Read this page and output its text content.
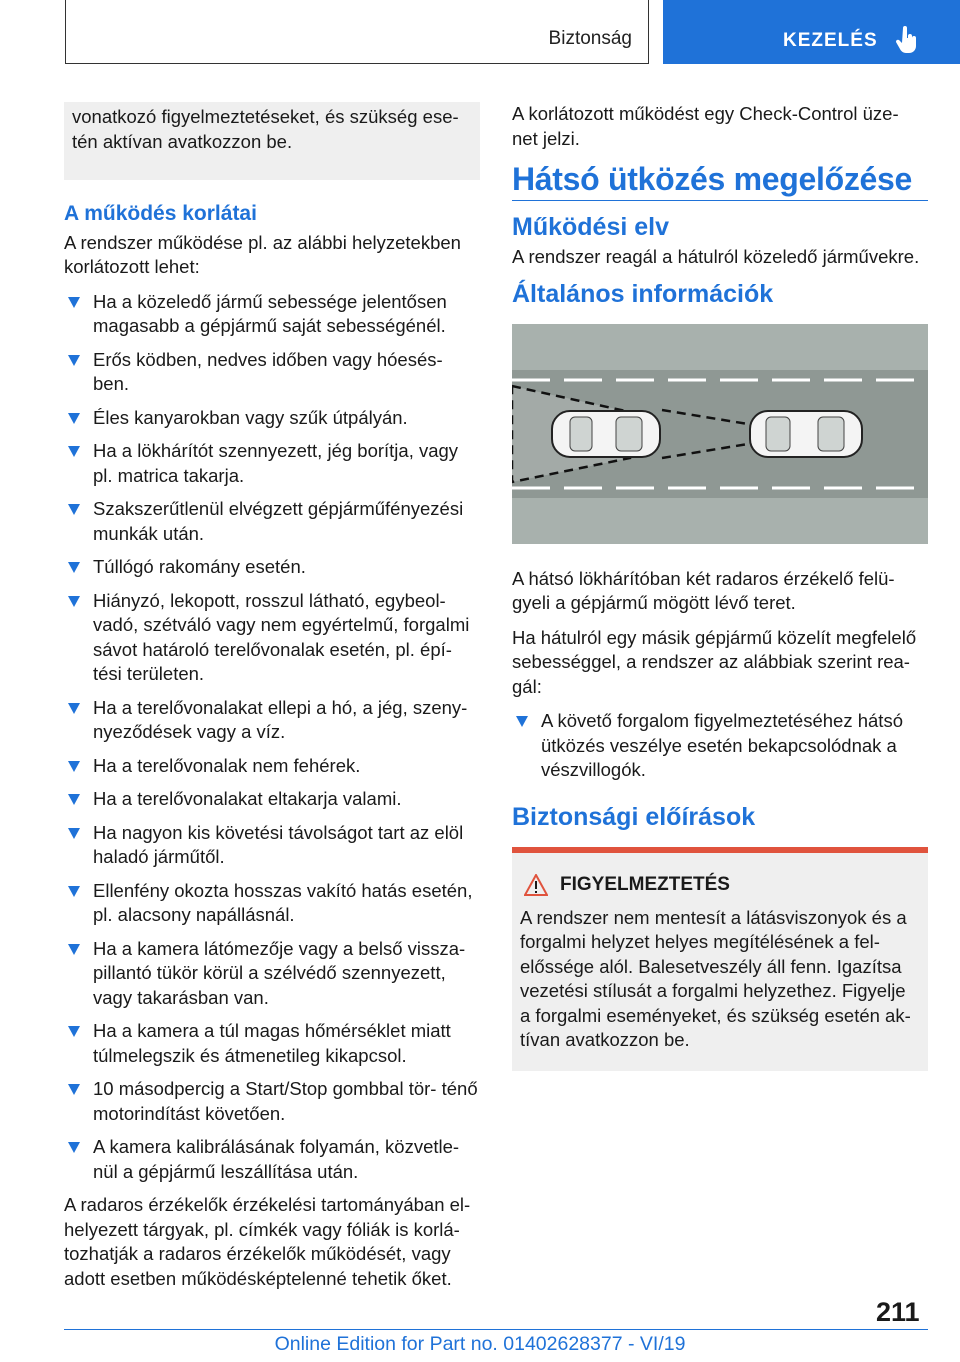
Biztonság	KEZELÉS
vonatkozó figyelmeztetéseket, és szükség ese‐ tén aktívan avatkozzon be.
A működés korlátai

A rendszer működése pl. az alábbi helyzetekben korlátozott lehet:

Ha a közeledő jármű sebessége jelentősen magasabb a gépjármű saját sebességénél.
Erős ködben, nedves időben vagy hóesés‐ ben.
Éles kanyarokban vagy szűk útpályán.
Ha a lökhárítót szennyezett, jég borítja, vagy pl. matrica takarja.
Szakszerűtlenül elvégzett gépjárműfényezési munkák után.
Túllógó rakomány esetén.
Hiányzó, lekopott, rosszul látható, egybeol‐ vadó, szétváló vagy nem egyértelmű, forgalmi sávot határoló terelővonalak esetén, pl. épí‐ tési területen.
Ha a terelővonalakat ellepi a hó, a jég, szeny‐ nyeződések vagy a víz.
Ha a terelővonalak nem fehérek.
Ha a terelővonalakat eltakarja valami.
Ha nagyon kis követési távolságot tart az elöl haladó járműtől.
Ellenfény okozta hosszas vakító hatás esetén, pl. alacsony napállásnál.
Ha a kamera látómezője vagy a belső vissza‐ pillantó tükör körül a szélvédő szennyezett, vagy takarásban van.
Ha a kamera a túl magas hőmérséklet miatt túlmelegszik és átmenetileg kikapcsol.
10 másodpercig a Start/Stop gombbal tör‐ ténő motorindítást követően.
A kamera kalibrálásának folyamán, közvetle‐ nül a gépjármű leszállítása után.

A radaros érzékelők érzékelési tartományában el‐ helyezett tárgyak, pl. címkék vagy fóliák is korlá‐ tozhatják a radaros érzékelők működését, vagy adott esetben működésképtelenné tehetik őket.

A korlátozott működést egy Check-Control üze‐ net jelzi.

Hátsó ütközés megelőzése
Működési elv

A rendszer reagál a hátulról közeledő járművekre.

Általános információk

A hátsó lökhárítóban két radaros érzékelő felü‐ gyeli a gépjármű mögött lévő teret.

Ha hátulról egy másik gépjármű közelít megfelelő sebességgel, a rendszer az alábbiak szerint rea‐ gál:

A követő forgalom figyelmeztetéséhez hátsó ütközés veszélye esetén bekapcsolódnak a vészvillogók.
Biztonsági előírások
FIGYELMEZTETÉS

A rendszer nem mentesít a látásviszonyok és a forgalmi helyzet helyes megítélésének a fel‐ előssége alól. Balesetveszély áll fenn. Igazítsa vezetési stílusát a forgalmi helyzethez. Figyelje a forgalmi eseményeket, és szükség esetén ak‐ tívan avatkozzon be.

211
Online Edition for Part no. 01402628377 - VI/19
